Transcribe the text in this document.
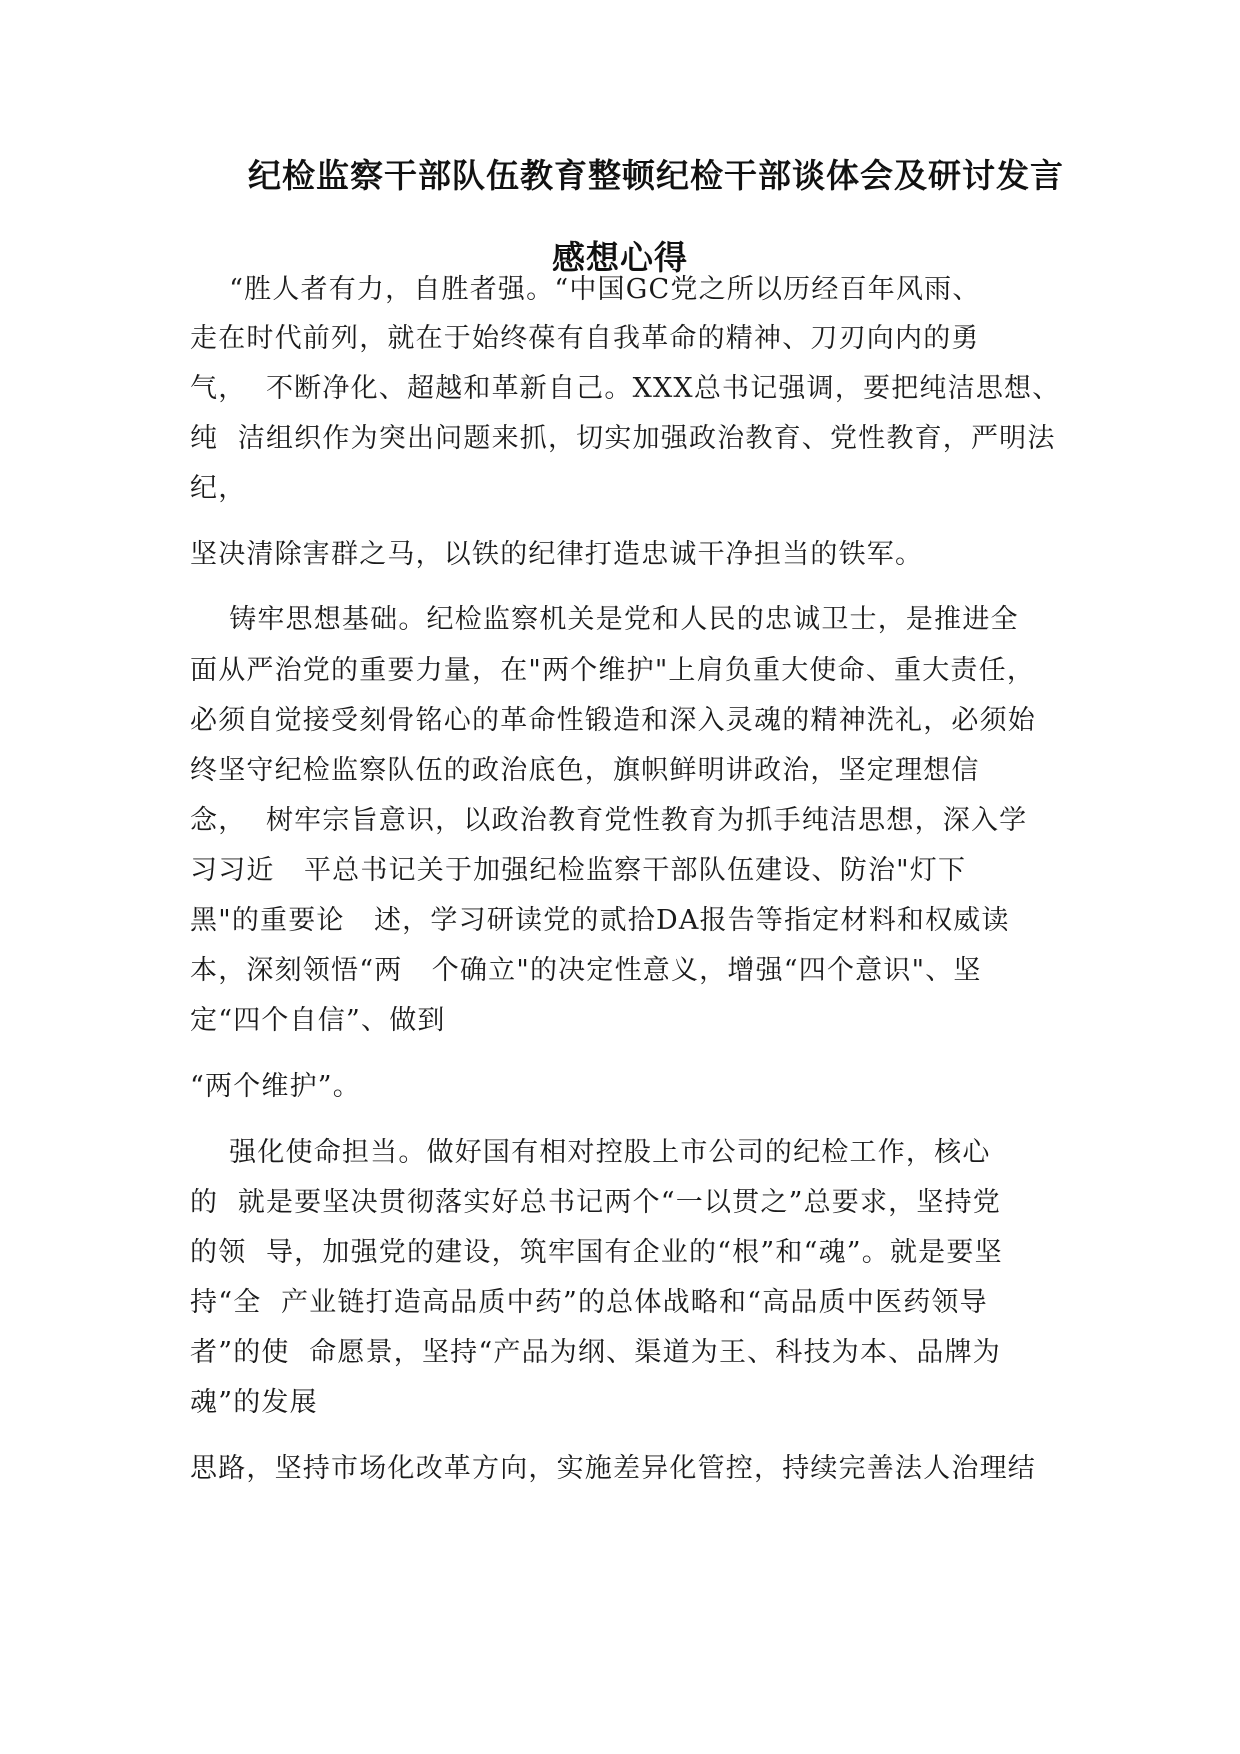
纪检监察干部队伍教育整顿纪检干部谈体会及研讨发言
感想心得
“胜人者有力，自胜者强。“中国GC党之所以历经百年风雨、
走在时代前列，就在于始终葆有自我革命的精神、刀刃向内的勇
气，  不断净化、超越和革新自己。XXX总书记强调，要把纯洁思想、
纯  洁组织作为突出问题来抓，切实加强政治教育、党性教育，严明法
纪，
坚决清除害群之马，以铁的纪律打造忠诚干净担当的铁军。
铸牢思想基础。纪检监察机关是党和人民的忠诚卫士，是推进全
面从严治党的重要力量，在"两个维护"上肩负重大使命、重大责任，
必须自觉接受刻骨铭心的革命性锻造和深入灵魂的精神洗礼，必须始
终坚守纪检监察队伍的政治底色，旗帜鲜明讲政治，坚定理想信
念，  树牢宗旨意识，以政治教育党性教育为抓手纯洁思想，深入学
习习近   平总书记关于加强纪检监察干部队伍建设、防治"灯下
黑"的重要论   述，学习研读党的贰拾DA报告等指定材料和权威读
本，深刻领悟“两   个确立"的决定性意义，增强“四个意识"、坚
定“四个自信”、做到
“两个维护”。
强化使命担当。做好国有相对控股上市公司的纪检工作，核心
的  就是要坚决贯彻落实好总书记两个“一以贯之”总要求，坚持党
的领  导，加强党的建设，筑牢国有企业的“根”和“魂”。就是要坚
持“全  产业链打造高品质中药”的总体战略和“高品质中医药领导
者”的使  命愿景，坚持“产品为纲、渠道为王、科技为本、品牌为
魂”的发展
思路，坚持市场化改革方向，实施差异化管控，持续完善法人治理结
